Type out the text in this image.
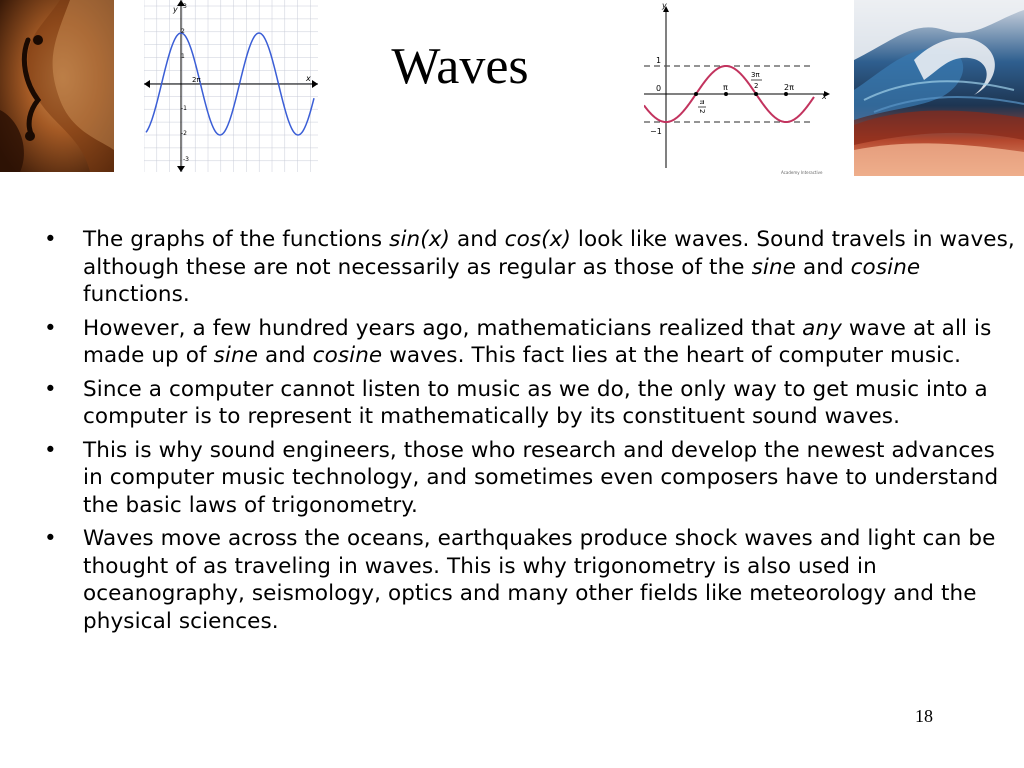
y
x
2π
3
2
1
-1
-2
-3
Waves
y
x
1
0
−1
π
3π
2	2π
π
2
Academy Interactive
• The graphs of the functions sin(x) and cos(x) look like waves. Sound travels in waves, although these are not necessarily as regular as those of the sine and cosine functions.
• However, a few hundred years ago, mathematicians realized that any wave at all is made up of sine and cosine waves. This fact lies at the heart of computer music.
• Since a computer cannot listen to music as we do, the only way to get music into a computer is to represent it mathematically by its constituent sound waves.
• This is why sound engineers, those who research and develop the newest advances in computer music technology, and sometimes even composers have to understand the basic laws of trigonometry.
• Waves move across the oceans, earthquakes produce shock waves and light can be thought of as traveling in waves. This is why trigonometry is also used in oceanography, seismology, optics and many other fields like meteorology and the physical sciences.
18
